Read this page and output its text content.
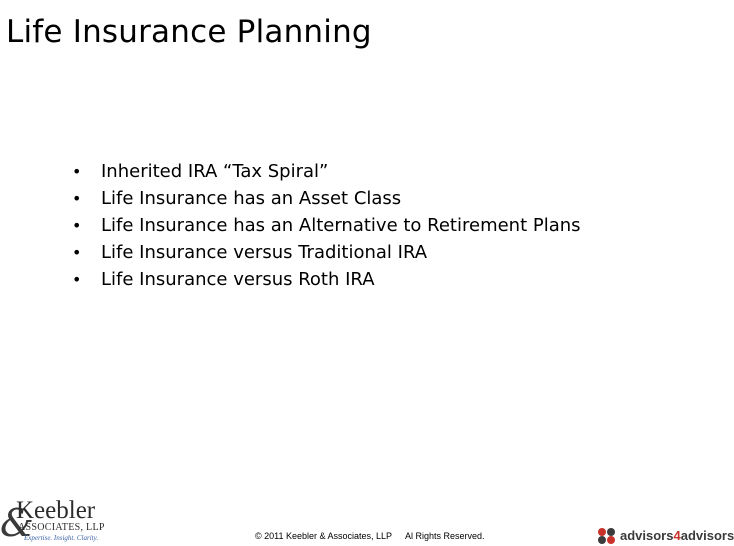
Life Insurance Planning
• Inherited IRA “Tax Spiral”
• Life Insurance has an Asset Class
• Life Insurance has an Alternative to Retirement Plans
• Life Insurance versus Traditional IRA
• Life Insurance versus Roth IRA
&
Keebler
ASSOCIATES, LLP
Expertise. Insight. Clarity.	© 2011 Keebler & Associates, LLP Al Rights Reserved.	advisors4advisors
